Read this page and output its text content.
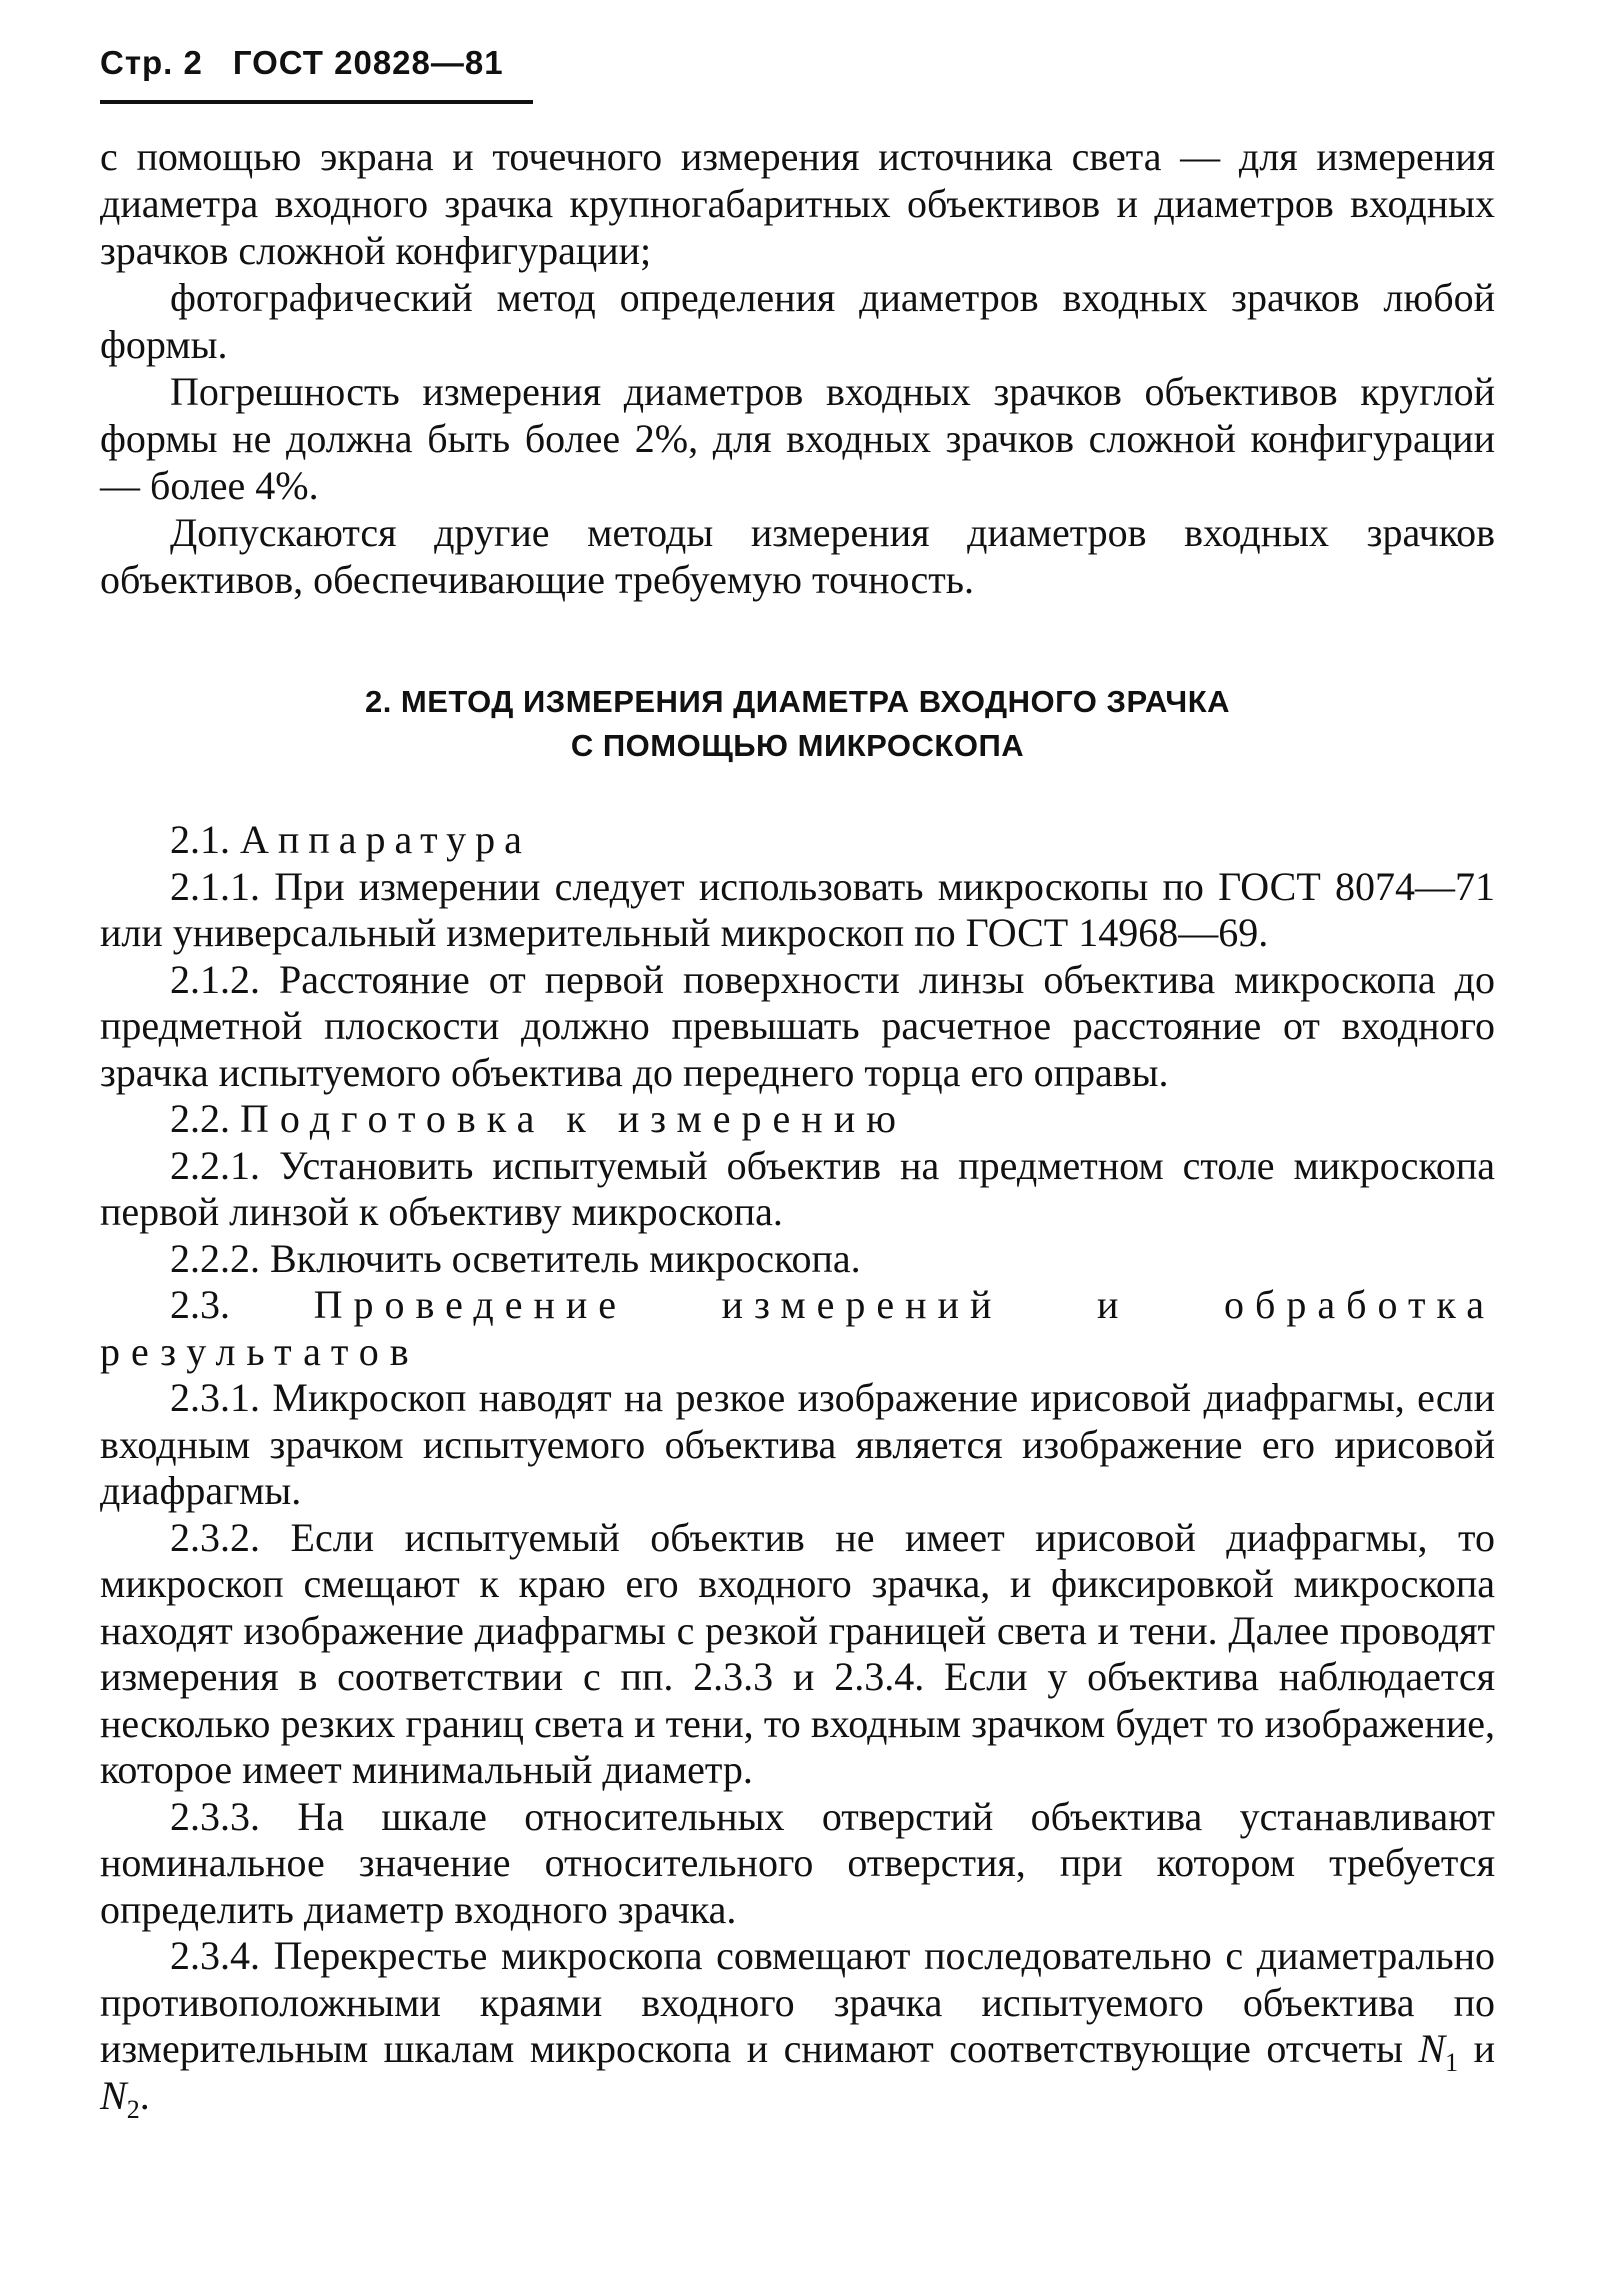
Стр. 2 ГОСТ 20828—81

с помощью экрана и точечного измерения источника света — для измерения диаметра входного зрачка крупногабаритных объективов и диаметров входных зрачков сложной конфигурации;

фотографический метод определения диаметров входных зрачков любой формы.

Погрешность измерения диаметров входных зрачков объективов круглой формы не должна быть более 2%, для входных зрачков сложной конфигурации — более 4%.

Допускаются другие методы измерения диаметров входных зрачков объективов, обеспечивающие требуемую точность.

2. МЕТОД ИЗМЕРЕНИЯ ДИАМЕТРА ВХОДНОГО ЗРАЧКА
С ПОМОЩЬЮ МИКРОСКОПА

2.1. Аппаратура

2.1.1. При измерении следует использовать микроскопы по ГОСТ 8074—71 или универсальный измерительный микроскоп по ГОСТ 14968—69.

2.1.2. Расстояние от первой поверхности линзы объектива микроскопа до предметной плоскости должно превышать расчетное расстояние от входного зрачка испытуемого объектива до переднего торца его оправы.

2.2. Подготовка к измерению

2.2.1. Установить испытуемый объектив на предметном столе микроскопа первой линзой к объективу микроскопа.

2.2.2. Включить осветитель микроскопа.

2.3. Проведение измерений и обработка результатов

2.3.1. Микроскоп наводят на резкое изображение ирисовой диафрагмы, если входным зрачком испытуемого объектива является изображение его ирисовой диафрагмы.

2.3.2. Если испытуемый объектив не имеет ирисовой диафрагмы, то микроскоп смещают к краю его входного зрачка, и фиксировкой микроскопа находят изображение диафрагмы с резкой границей света и тени. Далее проводят измерения в соответствии с пп. 2.3.3 и 2.3.4. Если у объектива наблюдается несколько резких границ света и тени, то входным зрачком будет то изображение, которое имеет минимальный диаметр.

2.3.3. На шкале относительных отверстий объектива устанавливают номинальное значение относительного отверстия, при котором требуется определить диаметр входного зрачка.

2.3.4. Перекрестье микроскопа совмещают последовательно с диаметрально противоположными краями входного зрачка испытуемого объектива по измерительным шкалам микроскопа и снимают соответствующие отсчеты $N_1$ и $N_2$.
